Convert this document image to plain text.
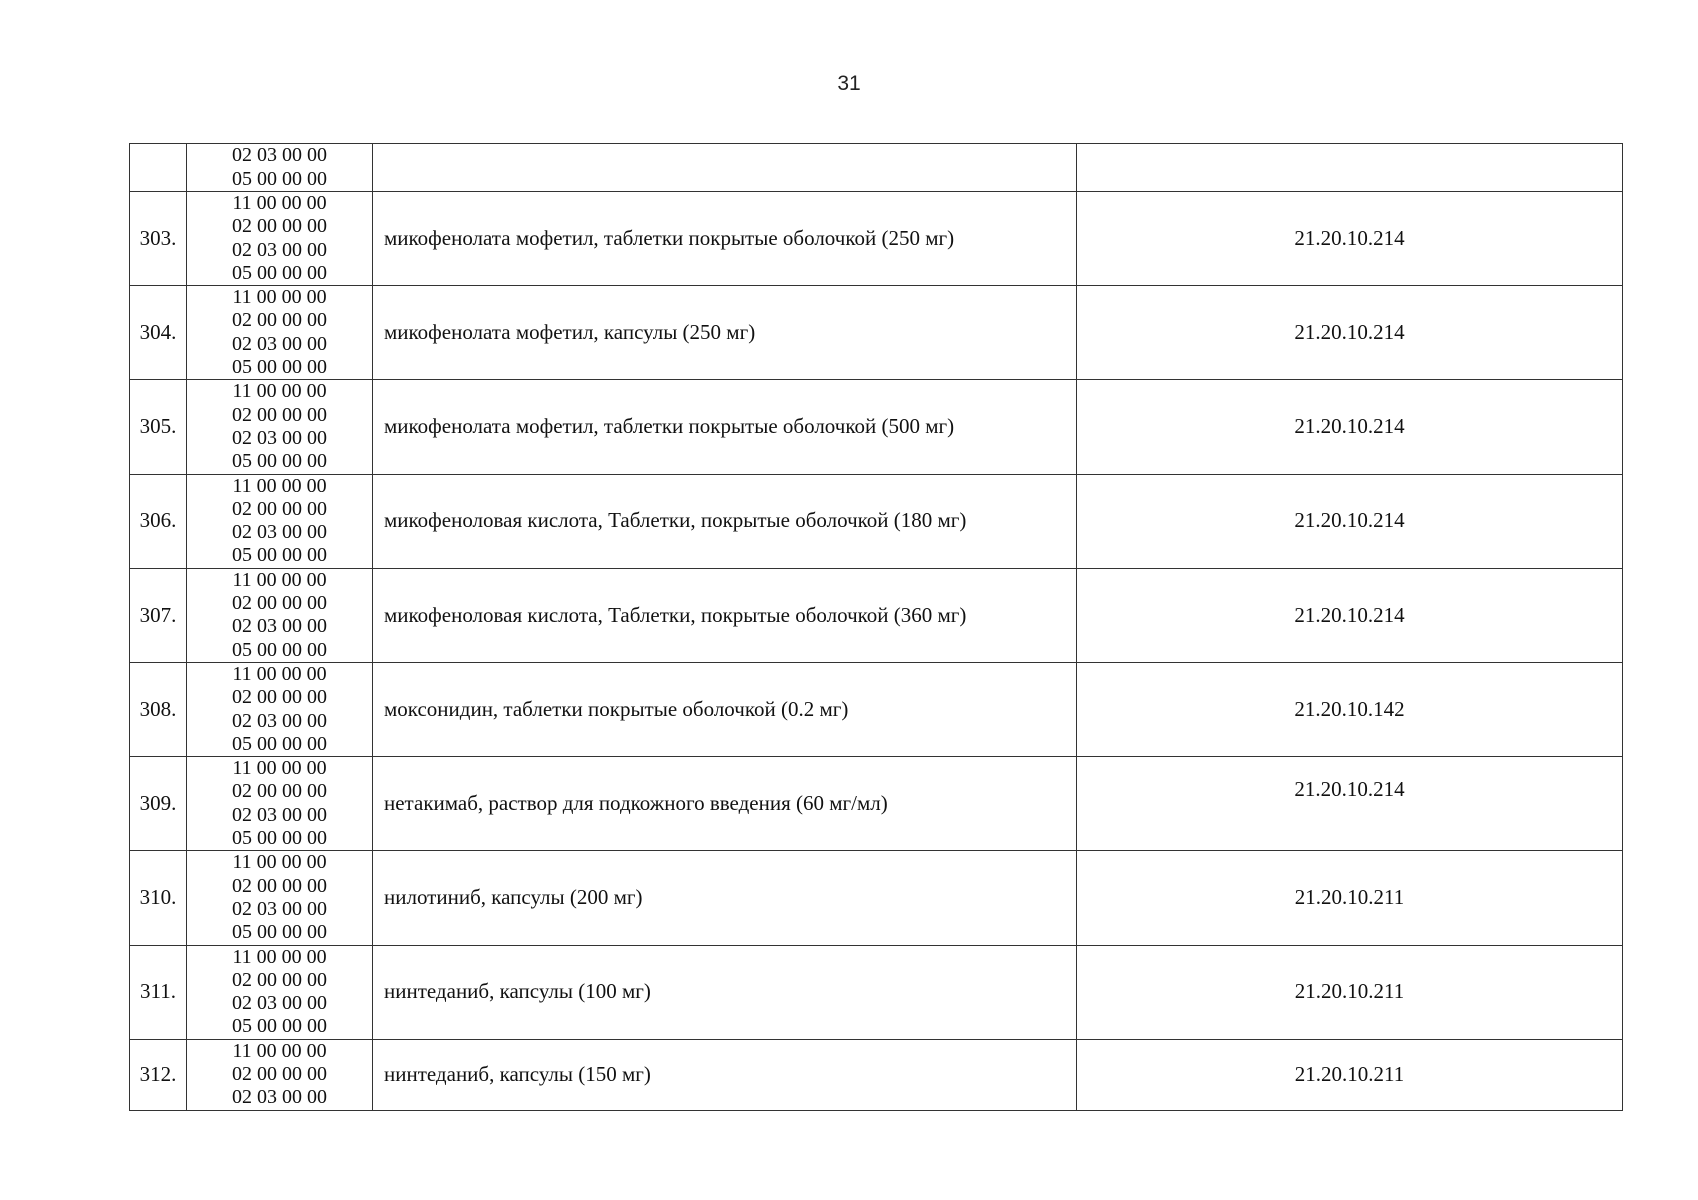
31

	02 03 00 00
05 00 00 00		

303.	11 00 00 00
02 00 00 00
02 03 00 00
05 00 00 00	микофенолата мофетил, таблетки покрытые оболочкой (250 мг)	21.20.10.214
304.	11 00 00 00
02 00 00 00
02 03 00 00
05 00 00 00	микофенолата мофетил, капсулы (250 мг)	21.20.10.214
305.	11 00 00 00
02 00 00 00
02 03 00 00
05 00 00 00	микофенолата мофетил, таблетки покрытые оболочкой (500 мг)	21.20.10.214
306.	11 00 00 00
02 00 00 00
02 03 00 00
05 00 00 00	микофеноловая кислота, Таблетки, покрытые оболочкой (180 мг)	21.20.10.214
307.	11 00 00 00
02 00 00 00
02 03 00 00
05 00 00 00	микофеноловая кислота, Таблетки, покрытые оболочкой (360 мг)	21.20.10.214
308.	11 00 00 00
02 00 00 00
02 03 00 00
05 00 00 00	моксонидин, таблетки покрытые оболочкой (0.2 мг)	21.20.10.142
309.	11 00 00 00
02 00 00 00
02 03 00 00
05 00 00 00	нетакимаб, раствор для подкожного введения (60 мг/мл)	21.20.10.214
310.	11 00 00 00
02 00 00 00
02 03 00 00
05 00 00 00	нилотиниб, капсулы (200 мг)	21.20.10.211
311.	11 00 00 00
02 00 00 00
02 03 00 00
05 00 00 00	нинтеданиб, капсулы (100 мг)	21.20.10.211
312.	11 00 00 00
02 00 00 00
02 03 00 00	нинтеданиб, капсулы (150 мг)	21.20.10.211
